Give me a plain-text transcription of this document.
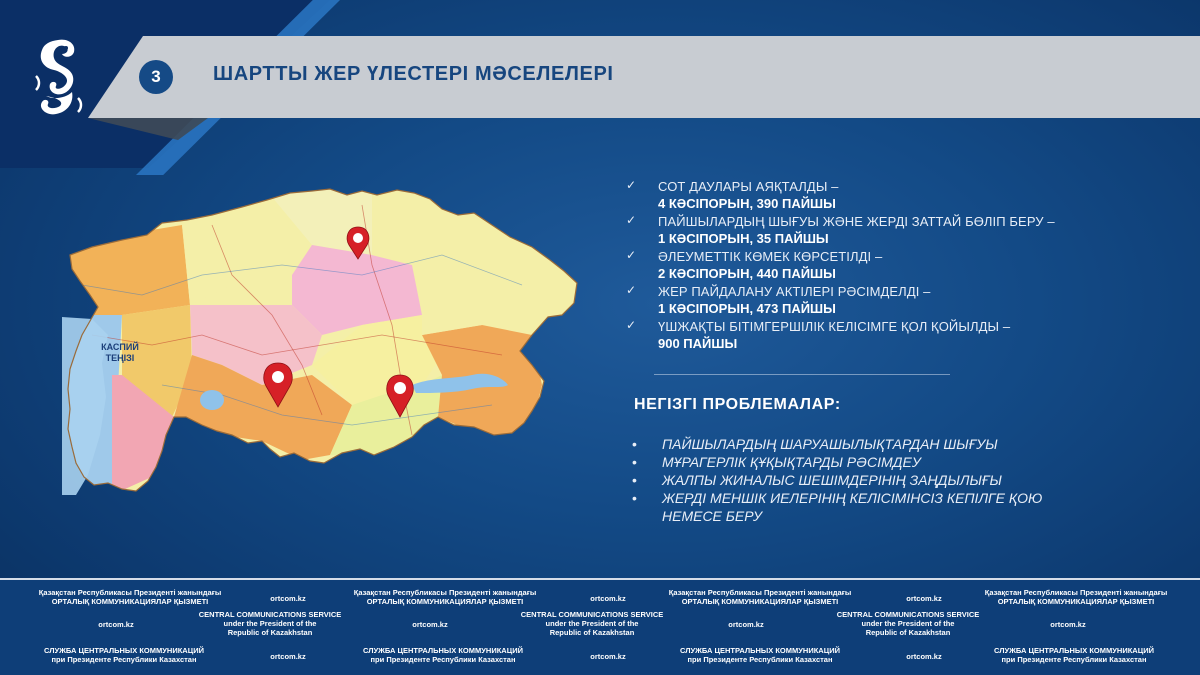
3	ШАРТТЫ ЖЕР ҮЛЕСТЕРІ МӘСЕЛЕЛЕРІ
КАСПИЙ
ТЕҢІЗІ
✓ СОТ ДАУЛАРЫ АЯҚТАЛДЫ –
4 КӘСІПОРЫН, 390 ПАЙШЫ
✓ ПАЙШЫЛАРДЫҢ ШЫҒУЫ ЖӘНЕ ЖЕРДІ ЗАТТАЙ БӨЛІП БЕРУ –
1 КӘСІПОРЫН, 35 ПАЙШЫ
✓ ӘЛЕУМЕТТІК КӨМЕК КӨРСЕТІЛДІ –
2 КӘСІПОРЫН, 440 ПАЙШЫ
✓ ЖЕР ПАЙДАЛАНУ АКТІЛЕРІ РӘСІМДЕЛДІ –
1 КӘСІПОРЫН, 473 ПАЙШЫ
✓ ҮШЖАҚТЫ БІТІМГЕРШІЛІК КЕЛІСІМГЕ ҚОЛ ҚОЙЫЛДЫ –
900 ПАЙШЫ
НЕГІЗГІ ПРОБЛЕМАЛАР:
• ПАЙШЫЛАРДЫҢ ШАРУАШЫЛЫҚТАРДАН ШЫҒУЫ
• МҰРАГЕРЛІК ҚҰҚЫҚТАРДЫ РӘСІМДЕУ
• ЖАЛПЫ ЖИНАЛЫС ШЕШІМДЕРІНІҢ ЗАҢДЫЛЫҒЫ
• ЖЕРДІ МЕНШІК ИЕЛЕРІНІҢ КЕЛІСІМІНСІЗ КЕПІЛГЕ ҚОЮ НЕМЕСЕ БЕРУ
Қазақстан Республикасы Президенті жанындағы
ОРТАЛЫҚ КОММУНИКАЦИЯЛАР ҚЫЗМЕТІ	ortcom.kz
Қазақстан Республикасы Президенті жанындағы
ОРТАЛЫҚ КОММУНИКАЦИЯЛАР ҚЫЗМЕТІ	ortcom.kz
Қазақстан Республикасы Президенті жанындағы
ОРТАЛЫҚ КОММУНИКАЦИЯЛАР ҚЫЗМЕТІ	ortcom.kz
Қазақстан Республикасы Президенті жанындағы
ОРТАЛЫҚ КОММУНИКАЦИЯЛАР ҚЫЗМЕТІ
ortcom.kz
CENTRAL COMMUNICATIONS SERVICE
under the President of the
Republic of Kazakhstan
ortcom.kz
CENTRAL COMMUNICATIONS SERVICE
under the President of the
Republic of Kazakhstan
ortcom.kz
CENTRAL COMMUNICATIONS SERVICE
under the President of the
Republic of Kazakhstan
ortcom.kz
СЛУЖБА ЦЕНТРАЛЬНЫХ КОММУНИКАЦИЙ
при Президенте Республики Казахстан	ortcom.kz
СЛУЖБА ЦЕНТРАЛЬНЫХ КОММУНИКАЦИЙ
при Президенте Республики Казахстан	ortcom.kz
СЛУЖБА ЦЕНТРАЛЬНЫХ КОММУНИКАЦИЙ
при Президенте Республики Казахстан	ortcom.kz
СЛУЖБА ЦЕНТРАЛЬНЫХ КОММУНИКАЦИЙ
при Президенте Республики Казахстан
